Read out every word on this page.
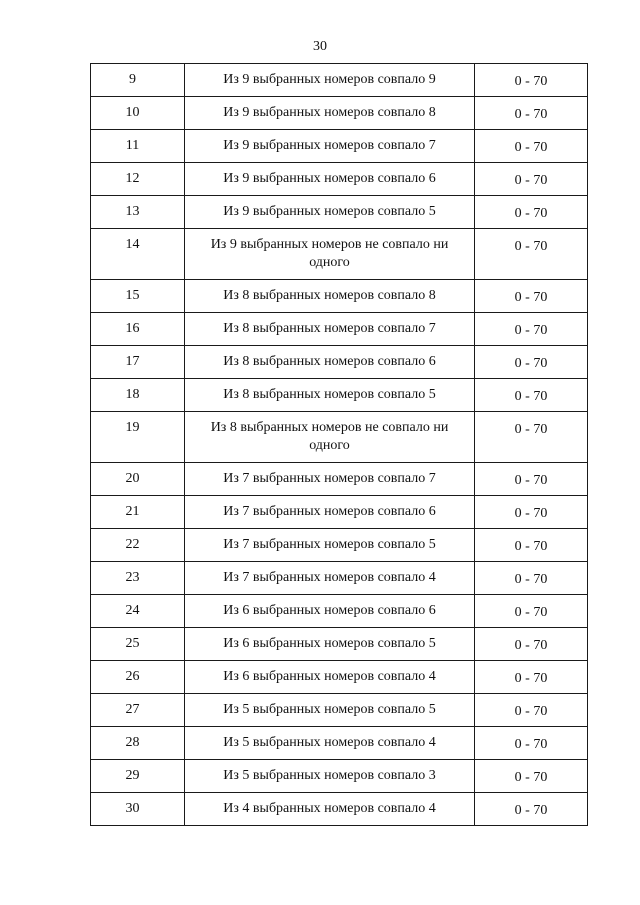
30
9	Из 9 выбранных номеров совпало 9	0 - 70
10	Из 9 выбранных номеров совпало 8	0 - 70
11	Из 9 выбранных номеров совпало 7	0 - 70
12	Из 9 выбранных номеров совпало 6	0 - 70
13	Из 9 выбранных номеров совпало 5	0 - 70
14	Из 9 выбранных номеров не совпало ни одного	0 - 70
15	Из 8 выбранных номеров совпало 8	0 - 70
16	Из 8 выбранных номеров совпало 7	0 - 70
17	Из 8 выбранных номеров совпало 6	0 - 70
18	Из 8 выбранных номеров совпало 5	0 - 70
19	Из 8 выбранных номеров не совпало ни одного	0 - 70
20	Из 7 выбранных номеров совпало 7	0 - 70
21	Из 7 выбранных номеров совпало 6	0 - 70
22	Из 7 выбранных номеров совпало 5	0 - 70
23	Из 7 выбранных номеров совпало 4	0 - 70
24	Из 6 выбранных номеров совпало 6	0 - 70
25	Из 6 выбранных номеров совпало 5	0 - 70
26	Из 6 выбранных номеров совпало 4	0 - 70
27	Из 5 выбранных номеров совпало 5	0 - 70
28	Из 5 выбранных номеров совпало 4	0 - 70
29	Из 5 выбранных номеров совпало 3	0 - 70
30	Из 4 выбранных номеров совпало 4	0 - 70
